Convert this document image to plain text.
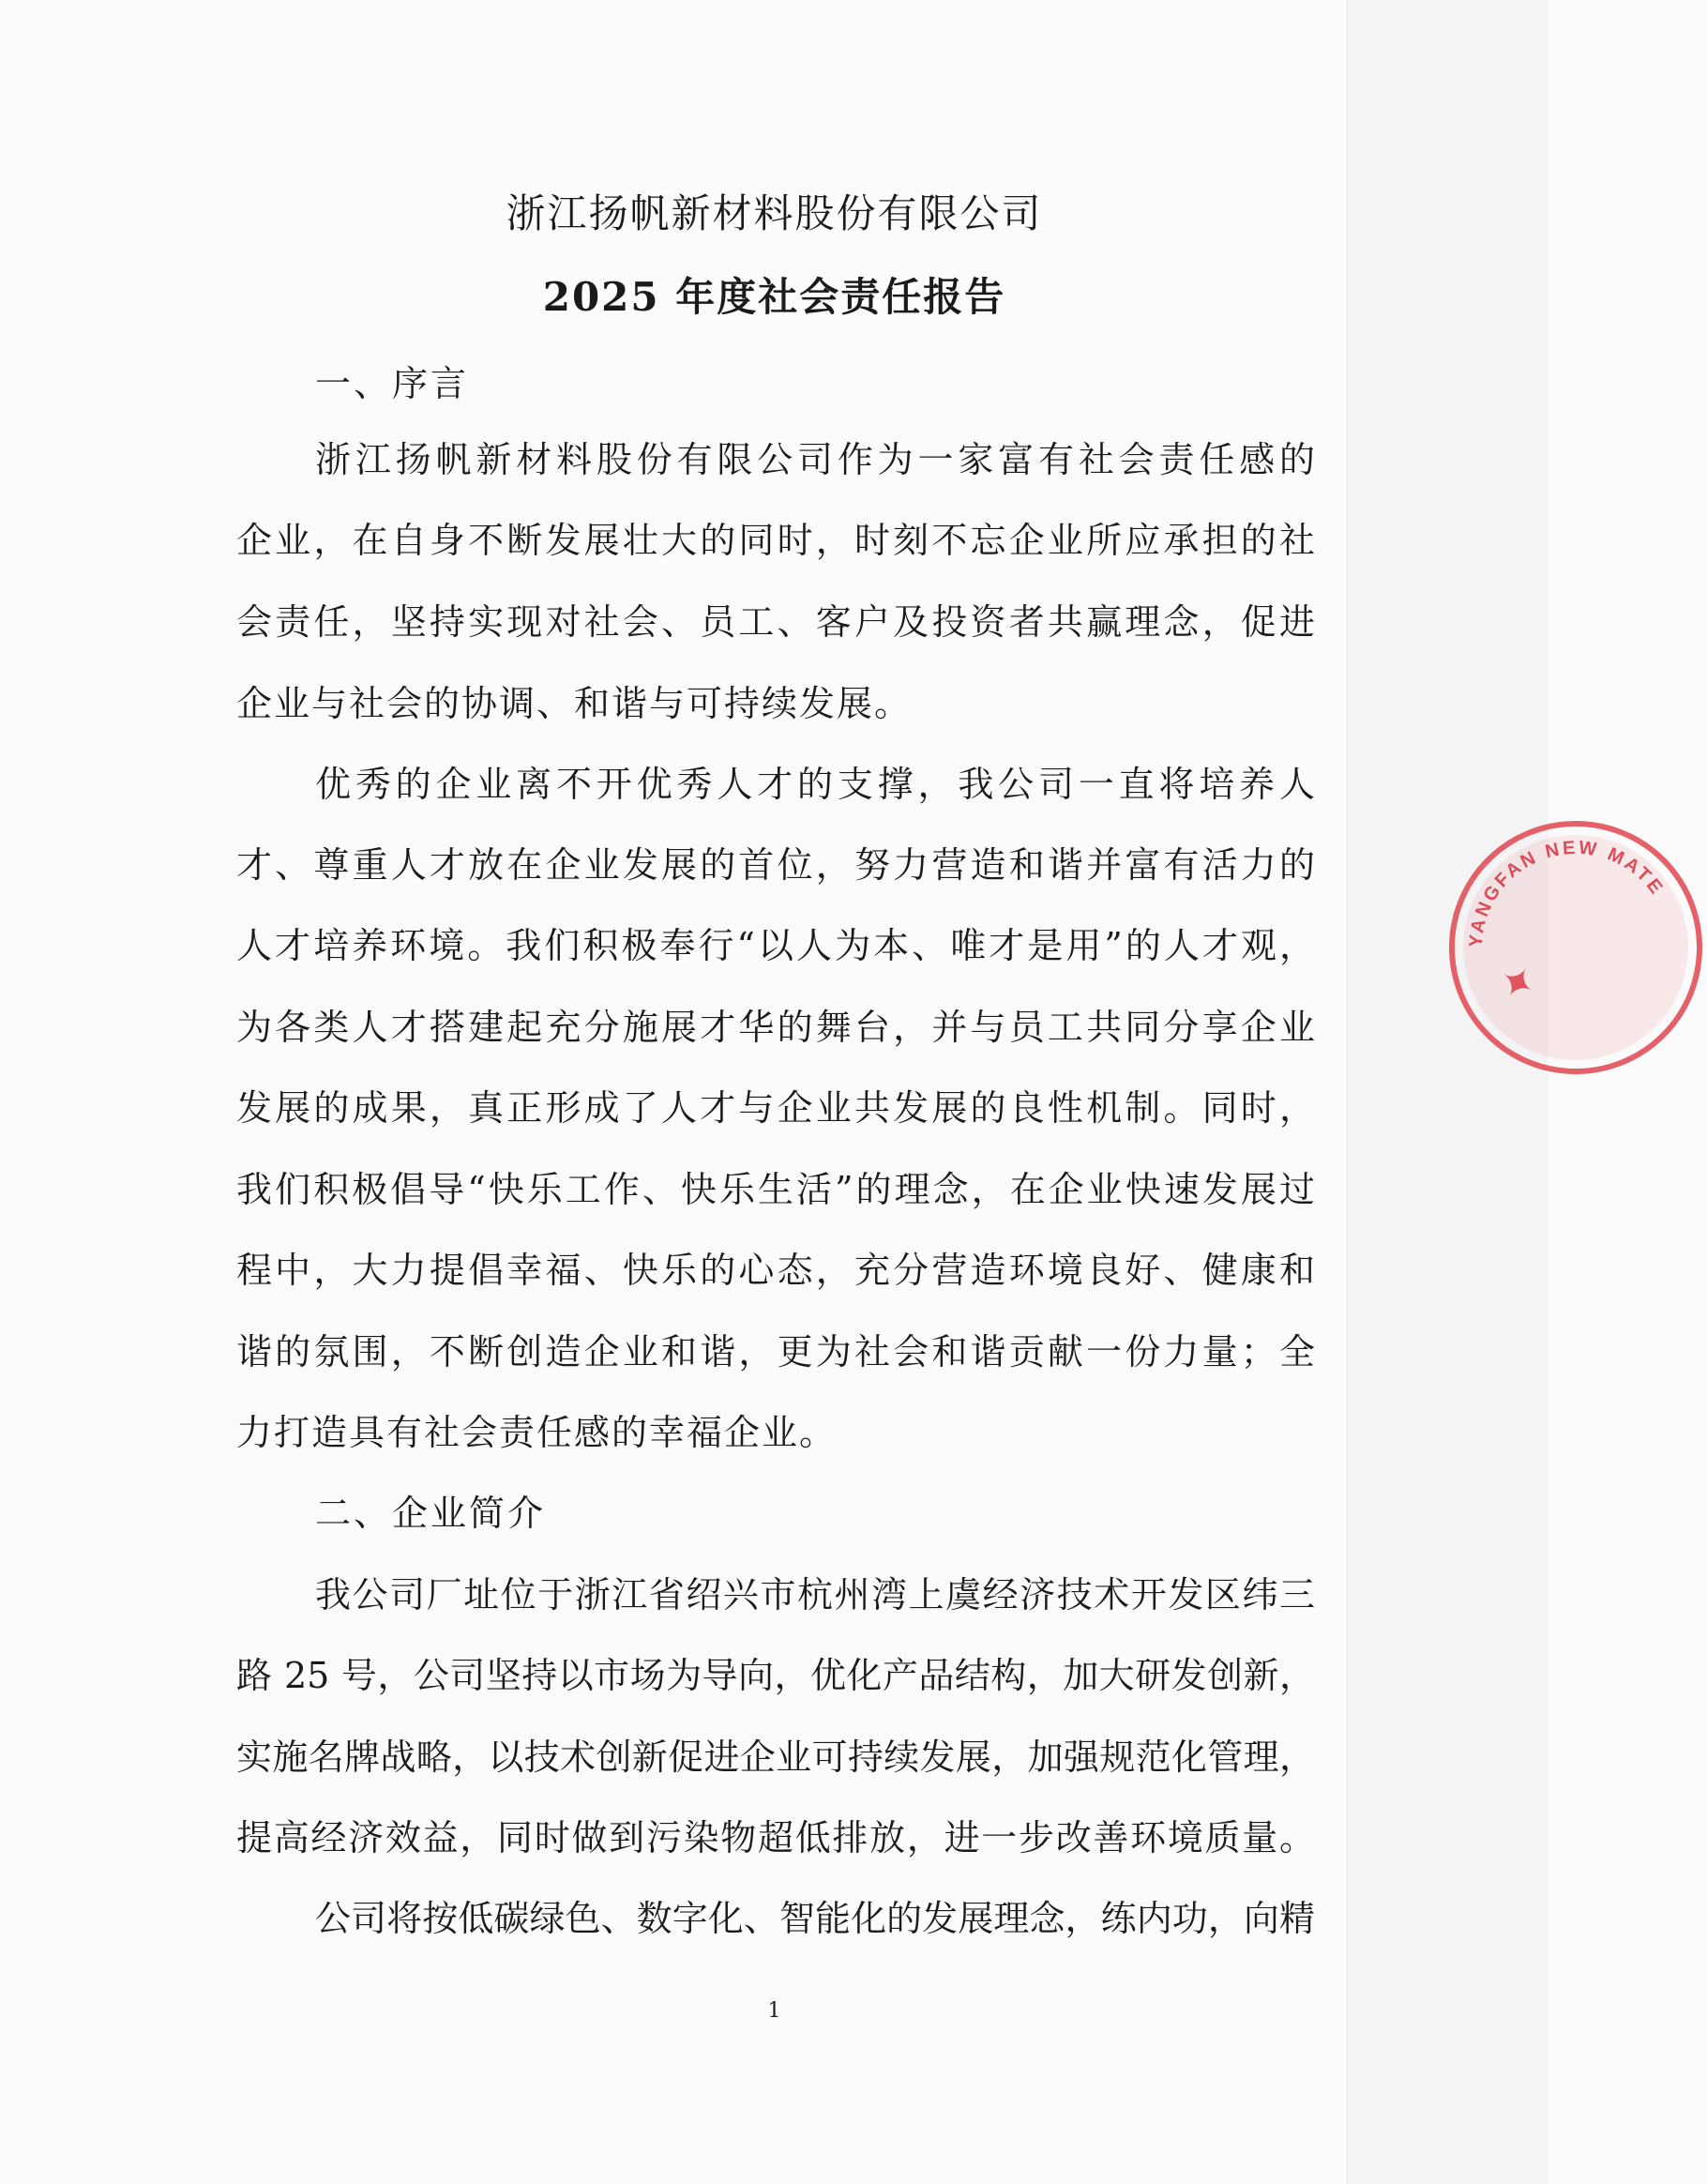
浙江扬帆新材料股份有限公司
2025 年度社会责任报告
一、序言
浙江扬帆新材料股份有限公司作为一家富有社会责任感的
企业，在自身不断发展壮大的同时，时刻不忘企业所应承担的社
会责任，坚持实现对社会、员工、客户及投资者共赢理念，促进
企业与社会的协调、和谐与可持续发展。
优秀的企业离不开优秀人才的支撑，我公司一直将培养人
才、尊重人才放在企业发展的首位，努力营造和谐并富有活力的
人才培养环境。我们积极奉行“以人为本、唯才是用”的人才观，
为各类人才搭建起充分施展才华的舞台，并与员工共同分享企业
发展的成果，真正形成了人才与企业共发展的良性机制。同时，
我们积极倡导“快乐工作、快乐生活”的理念，在企业快速发展过
程中，大力提倡幸福、快乐的心态，充分营造环境良好、健康和
谐的氛围，不断创造企业和谐，更为社会和谐贡献一份力量；全
力打造具有社会责任感的幸福企业。
二、企业简介
我公司厂址位于浙江省绍兴市杭州湾上虞经济技术开发区纬三
路 25 号，公司坚持以市场为导向，优化产品结构，加大研发创新，
实施名牌战略，以技术创新促进企业可持续发展，加强规范化管理，
提高经济效益，同时做到污染物超低排放，进一步改善环境质量。
公司将按低碳绿色、数字化、智能化的发展理念，练内功，向精
1
YANGFAN NEW MATE
✦
